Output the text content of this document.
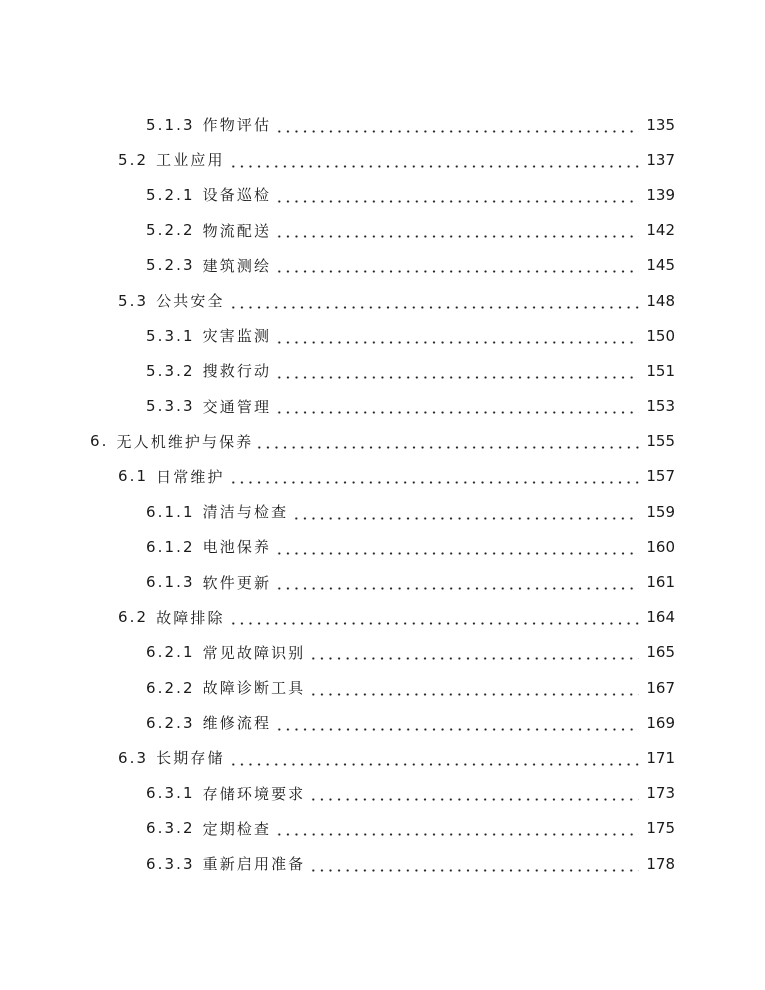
5.1.3 作物评估	135
5.2 工业应用	137
5.2.1 设备巡检	139
5.2.2 物流配送	142
5.2.3 建筑测绘	145
5.3 公共安全	148
5.3.1 灾害监测	150
5.3.2 搜救行动	151
5.3.3 交通管理	153
6. 无人机维护与保养	155
6.1 日常维护	157
6.1.1 清洁与检查	159
6.1.2 电池保养	160
6.1.3 软件更新	161
6.2 故障排除	164
6.2.1 常见故障识别	165
6.2.2 故障诊断工具	167
6.2.3 维修流程	169
6.3 长期存储	171
6.3.1 存储环境要求	173
6.3.2 定期检查	175
6.3.3 重新启用准备	178
